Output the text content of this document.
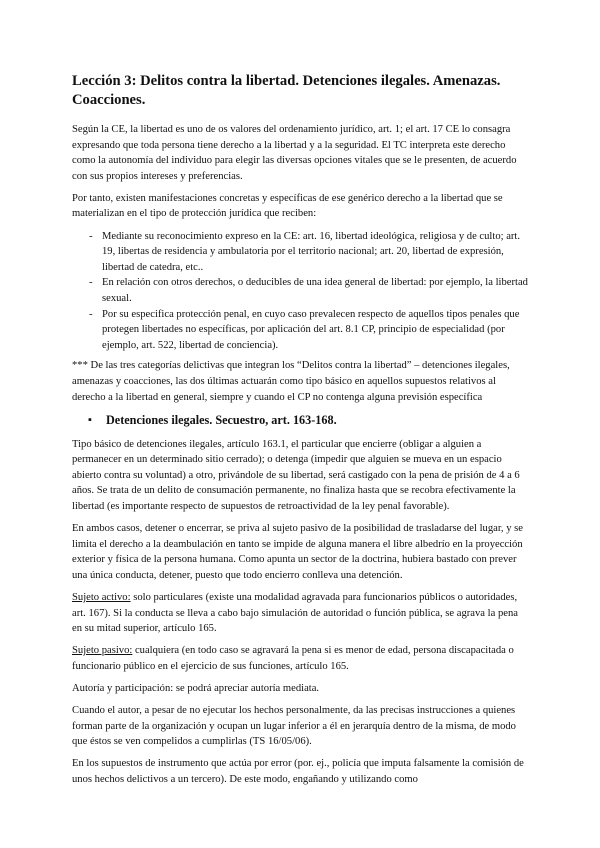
Lección 3: Delitos contra la libertad. Detenciones ilegales. Amenazas. Coacciones.

Según la CE, la libertad es uno de os valores del ordenamiento jurídico, art. 1; el art. 17 CE lo consagra expresando que toda persona tiene derecho a la libertad y a la seguridad. El TC interpreta este derecho como la autonomía del individuo para elegir las diversas opciones vitales que se le presenten, de acuerdo con sus propios intereses y preferencias.

Por tanto, existen manifestaciones concretas y específicas de ese genérico derecho a la libertad que se materializan en el tipo de protección jurídica que reciben:

- Mediante su reconocimiento expreso en la CE: art. 16, libertad ideológica, religiosa y de culto; art. 19, libertas de residencia y ambulatoria por el territorio nacional; art. 20, libertad de expresión, libertad de catedra, etc..
- En relación con otros derechos, o deducibles de una idea general de libertad: por ejemplo, la libertad sexual.
- Por su especifica protección penal, en cuyo caso prevalecen respecto de aquellos tipos penales que protegen libertades no específicas, por aplicación del art. 8.1 CP, principio de especialidad (por ejemplo, art. 522, libertad de conciencia).

*** De las tres categorías delictivas que integran los “Delitos contra la libertad” – detenciones ilegales, amenazas y coacciones, las dos últimas actuarán como tipo básico en aquellos supuestos relativos al derecho a la libertad en general, siempre y cuando el CP no contenga alguna previsión específica

▪ Detenciones ilegales. Secuestro, art. 163-168.

Tipo básico de detenciones ilegales, artículo 163.1, el particular que encierre (obligar a alguien a permanecer en un determinado sitio cerrado); o detenga (impedir que alguien se mueva en un espacio abierto contra su voluntad) a otro, privándole de su libertad, será castigado con la pena de prisión de 4 a 6 años. Se trata de un delito de consumación permanente, no finaliza hasta que se recobra efectivamente la libertad (es importante respecto de supuestos de retroactividad de la ley penal favorable).

En ambos casos, detener o encerrar, se priva al sujeto pasivo de la posibilidad de trasladarse del lugar, y se limita el derecho a la deambulación en tanto se impide de alguna manera el libre albedrío en la proyección exterior y física de la persona humana. Como apunta un sector de la doctrina, hubiera bastado con prever una única conducta, detener, puesto que todo encierro conlleva una detención.

Sujeto activo: solo particulares (existe una modalidad agravada para funcionarios públicos o autoridades, art. 167). Si la conducta se lleva a cabo bajo simulación de autoridad o función pública, se agrava la pena en su mitad superior, artículo 165.

Sujeto pasivo: cualquiera (en todo caso se agravará la pena si es menor de edad, persona discapacitada o funcionario público en el ejercicio de sus funciones, artículo 165.

Autoría y participación: se podrá apreciar autoría mediata.

Cuando el autor, a pesar de no ejecutar los hechos personalmente, da las precisas instrucciones a quienes forman parte de la organización y ocupan un lugar inferior a él en jerarquía dentro de la misma, de modo que éstos se ven compelidos a cumplirlas (TS 16/05/06).

En los supuestos de instrumento que actúa por error (por. ej., policía que imputa falsamente la comisión de unos hechos delictivos a un tercero). De este modo, engañando y utilizando como
